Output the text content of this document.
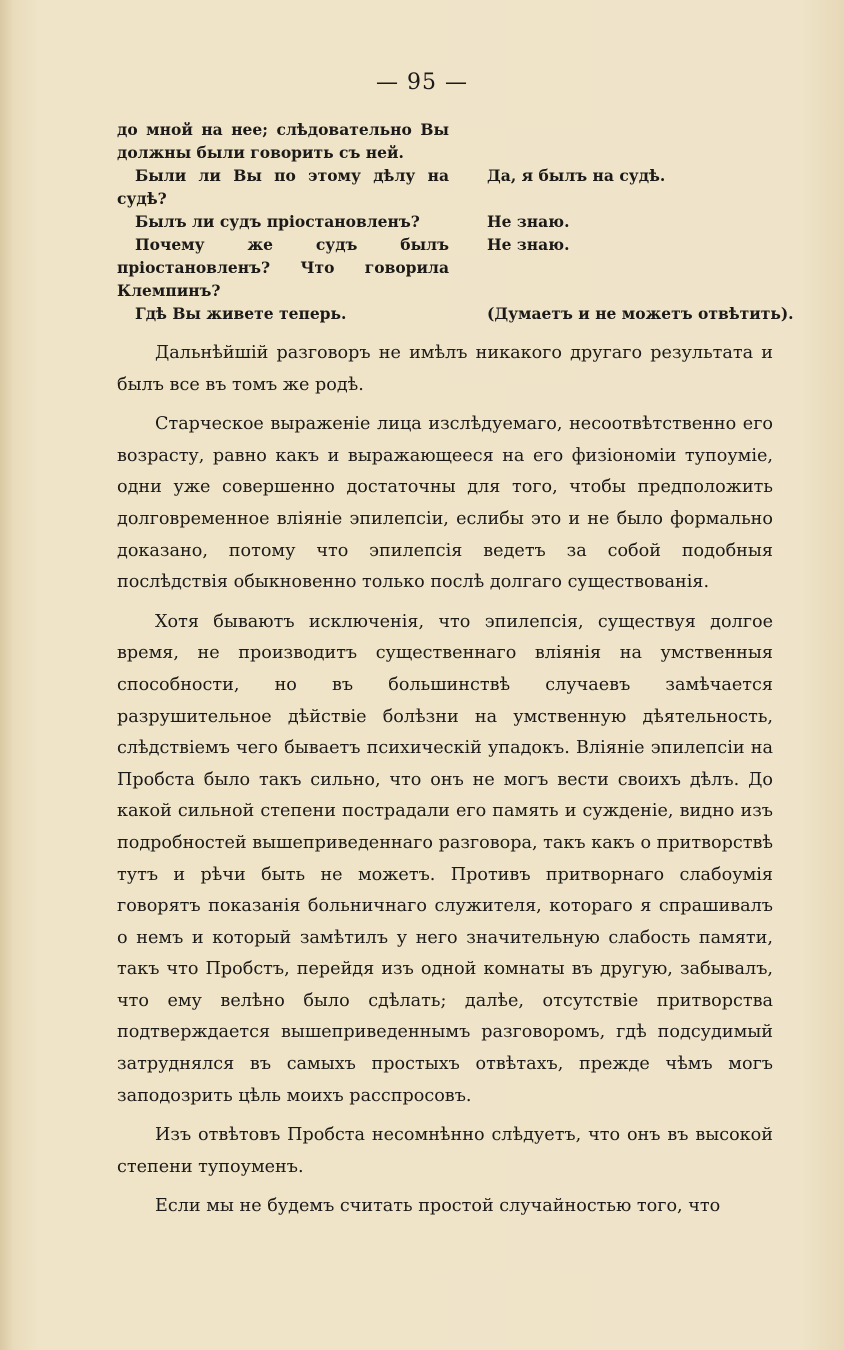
— 95 —
до мной на нее; слѣдовательно Вы должны были говорить съ ней.
Были ли Вы по этому дѣлу на судѣ?
Да, я былъ на судѣ.
Былъ ли судъ пріостановленъ?	Не знаю.
Почему же судъ былъ пріостановленъ? Что говорила Клемпинъ?
Не знаю.
Гдѣ Вы живете теперь.	(Думаетъ и не можетъ отвѣтить).

Дальнѣйшій разговоръ не имѣлъ никакого другаго результата и былъ все въ томъ же родѣ.

Старческое выраженіе лица изслѣдуемаго, несоотвѣтственно его возрасту, равно какъ и выражающееся на его физіономіи тупоуміе, одни уже совершенно достаточны для того, чтобы предположить долговременное вліяніе эпилепсіи, еслибы это и не было формально доказано, потому что эпилепсія ведетъ за собой подобныя послѣдствія обыкновенно только послѣ долгаго существованія.

Хотя бываютъ исключенія, что эпилепсія, существуя долгое время, не производитъ существеннаго вліянія на умственныя способности, но въ большинствѣ случаевъ замѣчается разрушительное дѣйствіе болѣзни на умственную дѣятельность, слѣдствіемъ чего бываетъ психическій упадокъ. Вліяніе эпилепсіи на Пробста было такъ сильно, что онъ не могъ вести своихъ дѣлъ. До какой сильной степени пострадали его память и сужденіе, видно изъ подробностей вышеприведеннаго разговора, такъ какъ о притворствѣ тутъ и рѣчи быть не можетъ. Противъ притворнаго слабоумія говорятъ показанія больничнаго служителя, котораго я спрашивалъ о немъ и который замѣтилъ у него значительную слабость памяти, такъ что Пробстъ, перейдя изъ одной комнаты въ другую, забывалъ, что ему велѣно было сдѣлать; далѣе, отсутствіе притворства подтверждается вышеприведеннымъ разговоромъ, гдѣ подсудимый затруднялся въ самыхъ простыхъ отвѣтахъ, прежде чѣмъ могъ заподозрить цѣль моихъ расспросовъ.

Изъ отвѣтовъ Пробста несомнѣнно слѣдуетъ, что онъ въ высокой степени тупоуменъ.

Если мы не будемъ считать простой случайностью того, что
